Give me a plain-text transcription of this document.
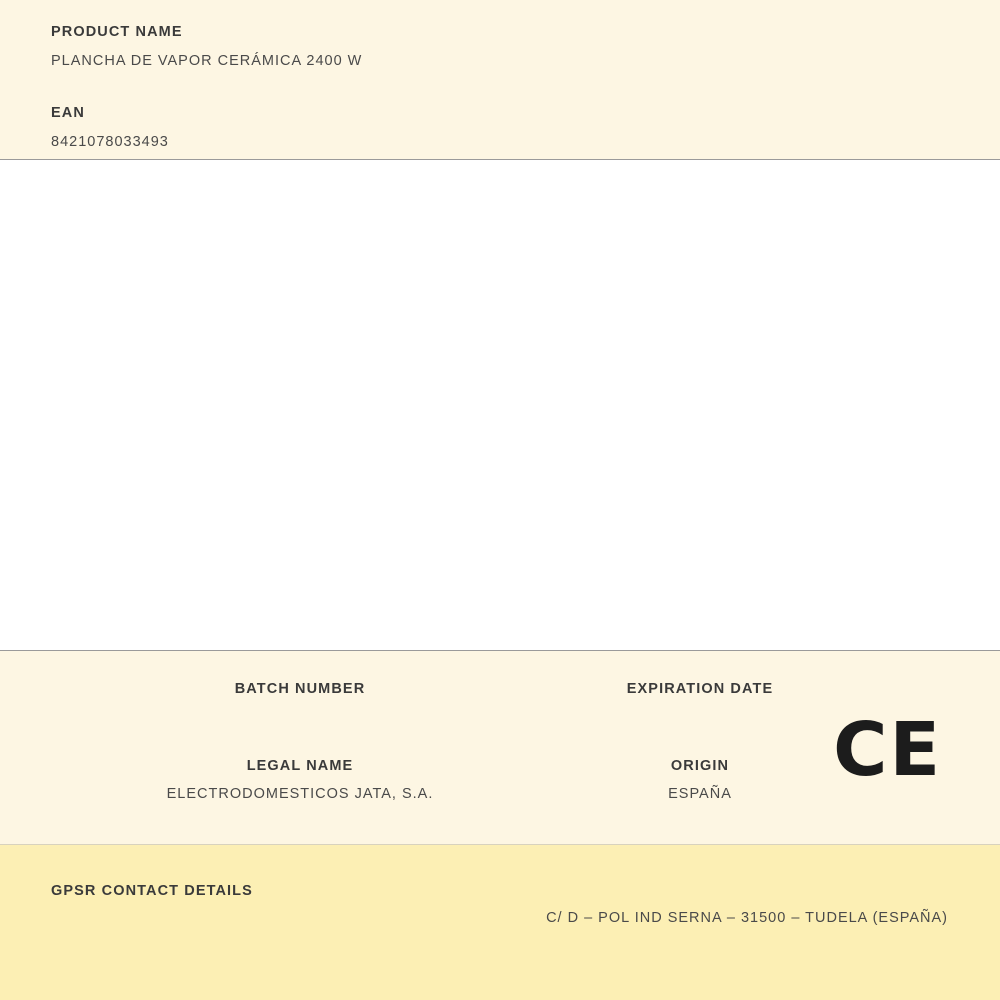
PRODUCT NAME
PLANCHA DE VAPOR CERÁMICA 2400 W
EAN
8421078033493
BATCH NUMBER	EXPIRATION DATE
LEGAL NAME
ELECTRODOMESTICOS JATA, S.A.
ORIGIN
ESPAÑA
CE
GPSR CONTACT DETAILS
C/ D – POL IND SERNA – 31500 – TUDELA (ESPAÑA)
